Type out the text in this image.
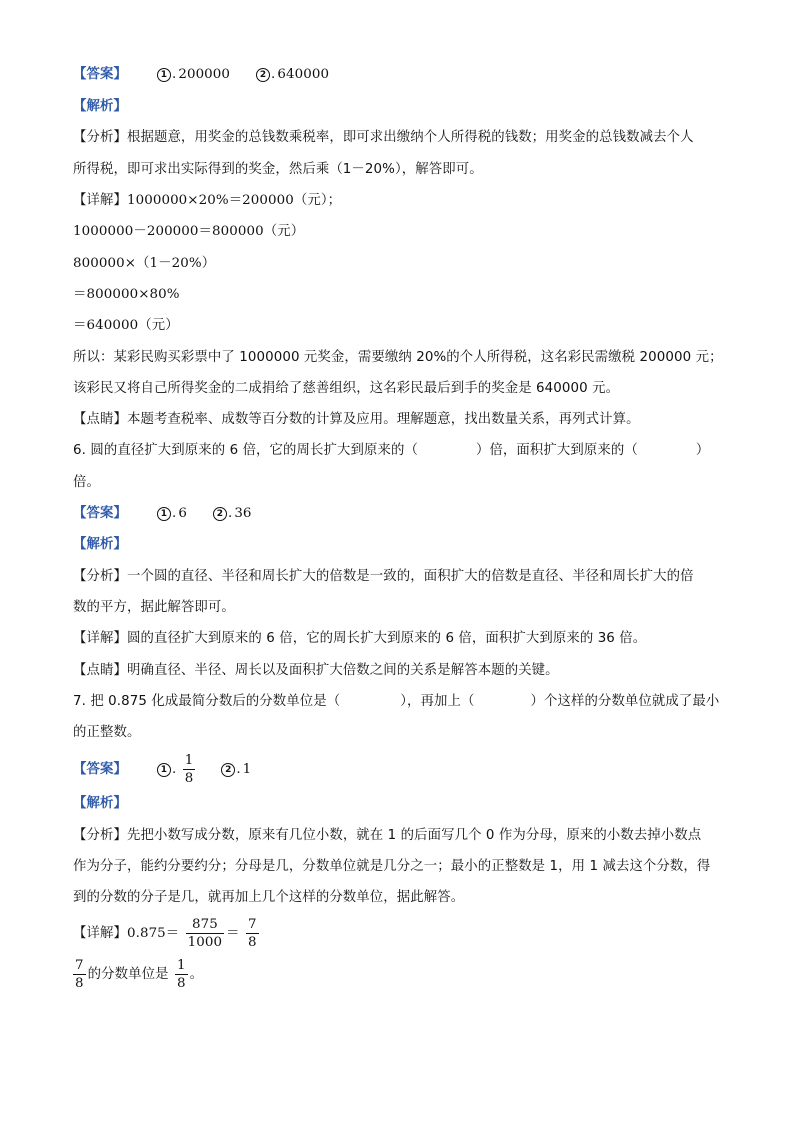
【答案】	1 . 200000	2 . 640000
【解析】
【分析】根据题意，用奖金的总钱数乘税率，即可求出缴纳个人所得税的钱数；用奖金的总钱数减去个人
所得税，即可求出实际得到的奖金，然后乘（1－20%），解答即可。
【详解】1000000×20%＝200000（元）；
1000000－200000＝800000（元）
800000×（1－20%）
＝800000×80%
＝640000（元）
所以：某彩民购买彩票中了 1000000 元奖金，需要缴纳 20%的个人所得税，这名彩民需缴税 200000 元；
该彩民又将自己所得奖金的二成捐给了慈善组织，这名彩民最后到手的奖金是 640000 元。
【点睛】本题考查税率、成数等百分数的计算及应用。理解题意，找出数量关系，再列式计算。
6. 圆的直径扩大到原来的 6 倍，它的周长扩大到原来的（	）倍，面积扩大到原来的（	）
倍。
【答案】	1 . 6	2 . 36
【解析】
【分析】一个圆的直径、半径和周长扩大的倍数是一致的，面积扩大的倍数是直径、半径和周长扩大的倍
数的平方，据此解答即可。
【详解】圆的直径扩大到原来的 6 倍，它的周长扩大到原来的 6 倍，面积扩大到原来的 36 倍。
【点睛】明确直径、半径、周长以及面积扩大倍数之间的关系是解答本题的关键。
7. 把 0.875 化成最简分数后的分数单位是（	），再加上（	）个这样的分数单位就成了最小
的正整数。
【答案】	1 . $\frac{1}{8}$	2 . 1
【解析】
【分析】先把小数写成分数，原来有几位小数，就在 1 的后面写几个 0 作为分母，原来的小数去掉小数点
作为分子，能约分要约分；分母是几，分数单位就是几分之一；最小的正整数是 1，用 1 减去这个分数，得
到的分数的分子是几，就再加上几个这样的分数单位，据此解答。
【详解】$0.875= \frac{875}{1000} = \frac{7}{8}$
$\frac{7}{8}$ 的分数单位是 $\frac{1}{8}$ 。
